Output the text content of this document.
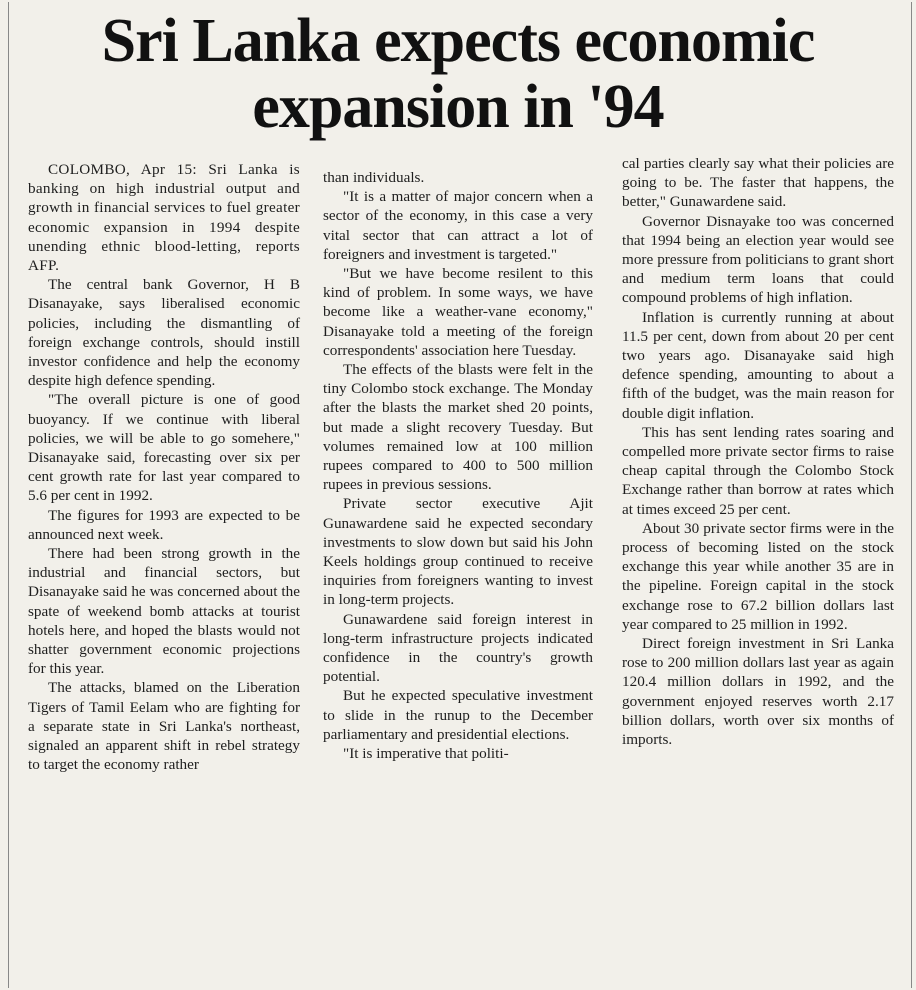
Sri Lanka expects economic
expansion in '94

COLOMBO, Apr 15: Sri Lanka is banking on high industrial output and growth in financial services to fuel greater economic expansion in 1994 despite unending ethnic blood-letting, reports AFP.

The central bank Governor, H B Disanayake, says liberalised economic policies, including the dismantling of foreign exchange controls, should instill investor confidence and help the economy despite high defence spending.

"The overall picture is one of good buoyancy. If we continue with liberal policies, we will be able to go somehere," Disanayake said, forecasting over six per cent growth rate for last year compared to 5.6 per cent in 1992.

The figures for 1993 are expected to be announced next week.

There had been strong growth in the industrial and financial sectors, but Disanayake said he was concerned about the spate of weekend bomb attacks at tourist hotels here, and hoped the blasts would not shatter government economic projections for this year.

The attacks, blamed on the Liberation Tigers of Tamil Eelam who are fighting for a separate state in Sri Lanka's northeast, signaled an apparent shift in rebel strategy to target the economy rather

than individuals.

"It is a matter of major concern when a sector of the economy, in this case a very vital sector that can attract a lot of foreigners and investment is targeted."

"But we have become resilent to this kind of problem. In some ways, we have become like a weather-vane economy," Disanayake told a meeting of the foreign correspondents' association here Tuesday.

The effects of the blasts were felt in the tiny Colombo stock exchange. The Monday after the blasts the market shed 20 points, but made a slight recovery Tuesday. But volumes remained low at 100 million rupees compared to 400 to 500 million rupees in previous sessions.

Private sector executive Ajit Gunawardene said he expected secondary investments to slow down but said his John Keels holdings group continued to receive inquiries from foreigners wanting to invest in long-term projects.

Gunawardene said foreign interest in long-term infrastructure projects indicated confidence in the country's growth potential.

But he expected speculative investment to slide in the runup to the December parliamentary and presidential elections.

"It is imperative that politi-

cal parties clearly say what their policies are going to be. The faster that happens, the better," Gunawardene said.

Governor Disnayake too was concerned that 1994 being an election year would see more pressure from politicians to grant short and medium term loans that could compound problems of high inflation.

Inflation is currently running at about 11.5 per cent, down from about 20 per cent two years ago. Disanayake said high defence spending, amounting to about a fifth of the budget, was the main reason for double digit inflation.

This has sent lending rates soaring and compelled more private sector firms to raise cheap capital through the Colombo Stock Exchange rather than borrow at rates which at times exceed 25 per cent.

About 30 private sector firms were in the process of becoming listed on the stock exchange this year while another 35 are in the pipeline. Foreign capital in the stock exchange rose to 67.2 billion dollars last year compared to 25 million in 1992.

Direct foreign investment in Sri Lanka rose to 200 million dollars last year as again 120.4 million dollars in 1992, and the government enjoyed reserves worth 2.17 billion dollars, worth over six months of imports.
